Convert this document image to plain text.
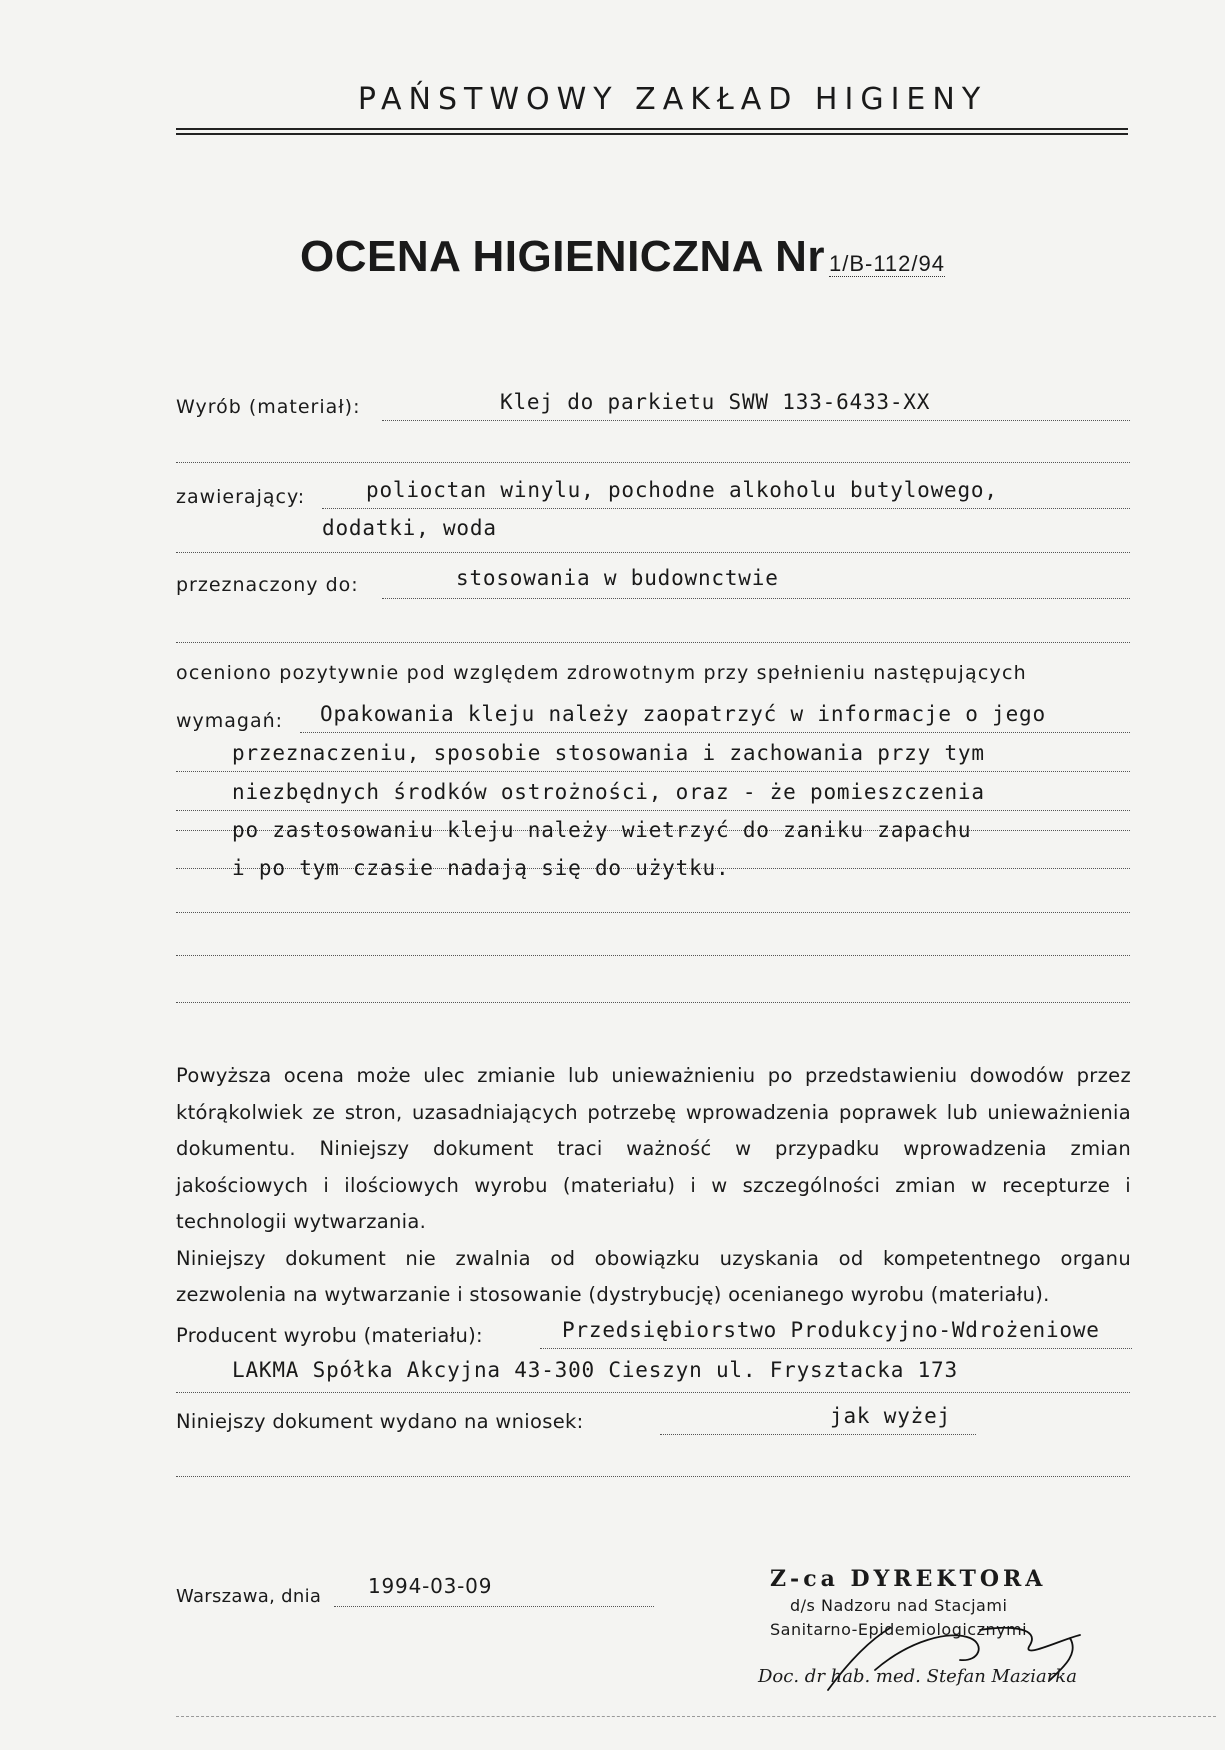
PAŃSTWOWY ZAKŁAD HIGIENY
OCENA HIGIENICZNA Nr 1/B-112/94
Wyrób (materiał):	Klej do parkietu SWW 133-6433-XX
zawierający:	polioctan winylu, pochodne alkoholu butylowego,
dodatki, woda
przeznaczony do:	stosowania w budownctwie
oceniono pozytywnie pod względem zdrowotnym przy spełnieniu następujących
wymagań: Opakowania kleju należy zaopatrzyć w informacje o jego
przeznaczeniu, sposobie stosowania i zachowania przy tym
niezbędnych środków ostrożności, oraz - że pomieszczenia
po zastosowaniu kleju należy wietrzyć do zaniku zapachu
i po tym czasie nadają się do użytku.

Powyższa ocena może ulec zmianie lub unieważnieniu po przedstawieniu dowodów przez którąkolwiek ze stron, uzasadniających potrzebę wprowadzenia poprawek lub unieważnienia dokumentu. Niniejszy dokument traci ważność w przypadku wprowadzenia zmian jakościowych i ilościowych wyrobu (materiału) i w szczególności zmian w recepturze i technologii wytwarzania.

Niniejszy dokument nie zwalnia od obowiązku uzyskania od kompetentnego organu zezwolenia na wytwarzanie i stosowanie (dystrybucję) ocenianego wyrobu (materiału).

Producent wyrobu (materiału):	Przedsiębiorstwo Produkcyjno-Wdrożeniowe
LAKMA Spółka Akcyjna 43-300 Cieszyn ul. Frysztacka 173
Niniejszy dokument wydano na wniosek:	jak wyżej
Warszawa, dnia 1994-03-09	Z-ca DYREKTORA
d/s Nadzoru nad Stacjami
Sanitarno-Epidemiologicznymi
Doc. dr hab. med. Stefan Maziarka
